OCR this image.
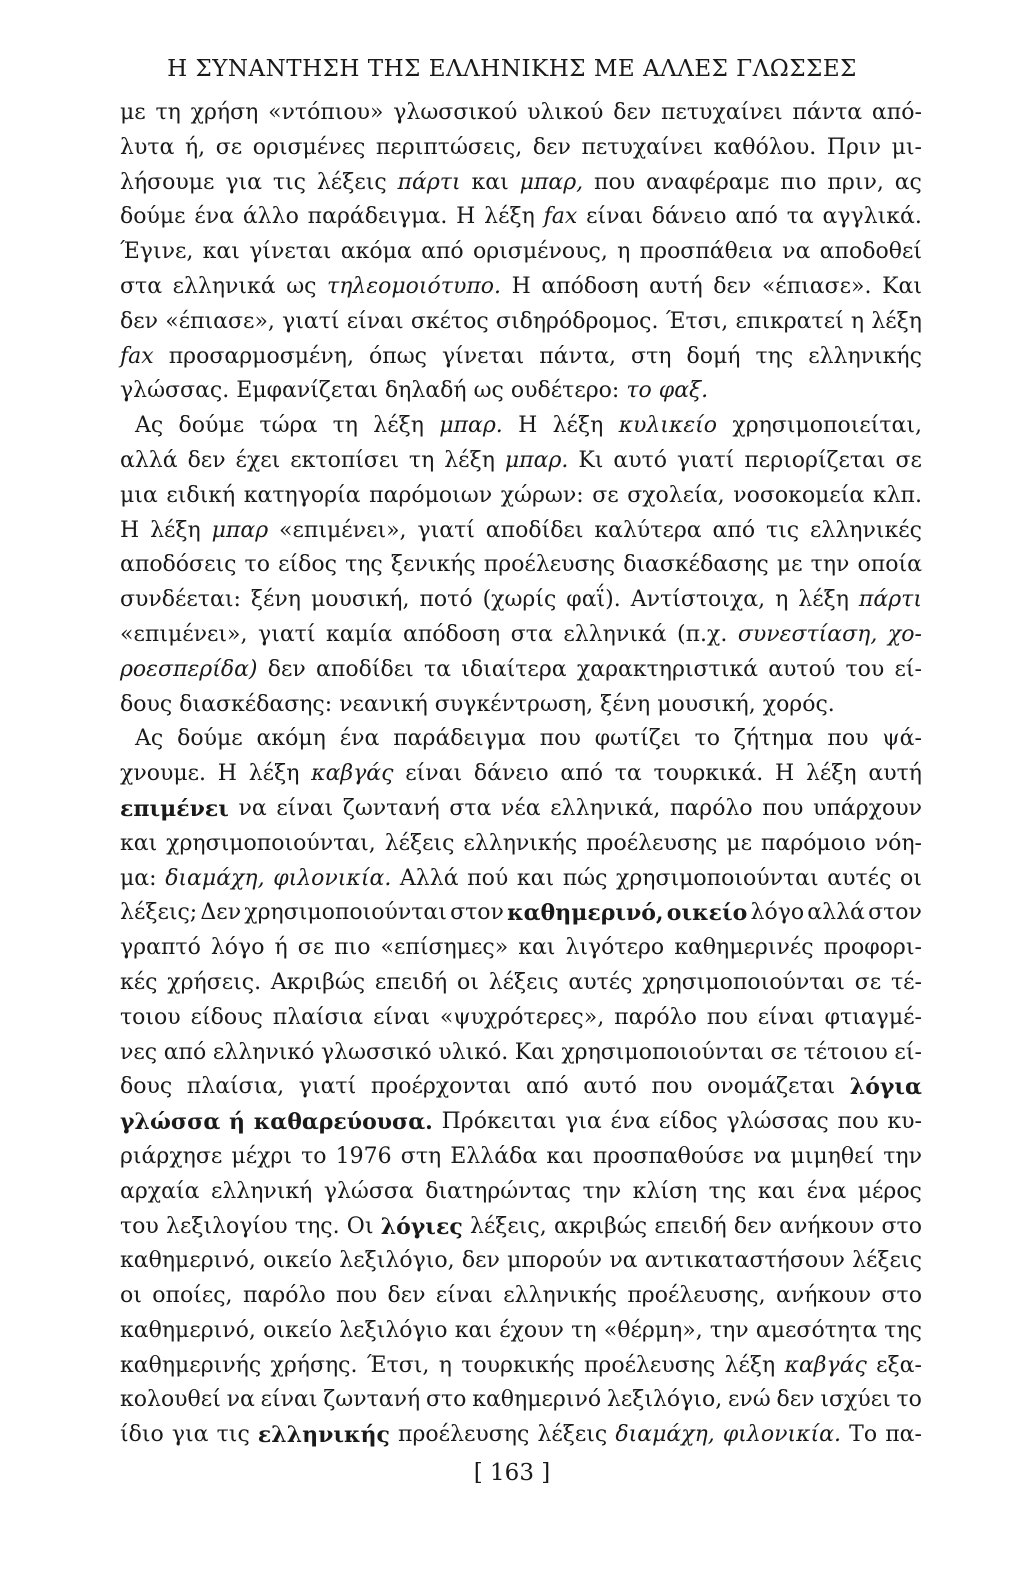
Η ΣΥΝΑΝΤΗΣΗ ΤΗΣ ΕΛΛΗΝΙΚΗΣ ΜΕ ΑΛΛΕΣ ΓΛΩΣΣΕΣ
με τη χρήση «ντόπιου» γλωσσικού υλικού δεν πετυχαίνει πάντα από-
λυτα ή, σε ορισμένες περιπτώσεις, δεν πετυχαίνει καθόλου. Πριν μι-
λήσουμε για τις λέξεις πάρτι και μπαρ, που αναφέραμε πιο πριν, ας
δούμε ένα άλλο παράδειγμα. Η λέξη fax είναι δάνειο από τα αγγλικά.
Έγινε, και γίνεται ακόμα από ορισμένους, η προσπάθεια να αποδοθεί
στα ελληνικά ως τηλεομοιότυπο. Η απόδοση αυτή δεν «έπιασε». Και
δεν «έπιασε», γιατί είναι σκέτος σιδηρόδρομος. Έτσι, επικρατεί η λέξη
fax προσαρμοσμένη, όπως γίνεται πάντα, στη δομή της ελληνικής
γλώσσας. Εμφανίζεται δηλαδή ως ουδέτερο: το φαξ.
Ας δούμε τώρα τη λέξη μπαρ. Η λέξη κυλικείο χρησιμοποιείται,
αλλά δεν έχει εκτοπίσει τη λέξη μπαρ. Κι αυτό γιατί περιορίζεται σε
μια ειδική κατηγορία παρόμοιων χώρων: σε σχολεία, νοσοκομεία κλπ.
Η λέξη μπαρ «επιμένει», γιατί αποδίδει καλύτερα από τις ελληνικές
αποδόσεις το είδος της ξενικής προέλευσης διασκέδασης με την οποία
συνδέεται: ξένη μουσική, ποτό (χωρίς φαΐ). Αντίστοιχα, η λέξη πάρτι
«επιμένει», γιατί καμία απόδοση στα ελληνικά (π.χ. συνεστίαση, χο-
ροεσπερίδα) δεν αποδίδει τα ιδιαίτερα χαρακτηριστικά αυτού του εί-
δους διασκέδασης: νεανική συγκέντρωση, ξένη μουσική, χορός.
Ας δούμε ακόμη ένα παράδειγμα που φωτίζει το ζήτημα που ψά-
χνουμε. Η λέξη καβγάς είναι δάνειο από τα τουρκικά. Η λέξη αυτή
επιμένει να είναι ζωντανή στα νέα ελληνικά, παρόλο που υπάρχουν
και χρησιμοποιούνται, λέξεις ελληνικής προέλευσης με παρόμοιο νόη-
μα: διαμάχη, φιλονικία. Αλλά πού και πώς χρησιμοποιούνται αυτές οι
λέξεις; Δεν χρησιμοποιούνται στον καθημερινό, οικείο λόγο αλλά στον
γραπτό λόγο ή σε πιο «επίσημες» και λιγότερο καθημερινές προφορι-
κές χρήσεις. Ακριβώς επειδή οι λέξεις αυτές χρησιμοποιούνται σε τέ-
τοιου είδους πλαίσια είναι «ψυχρότερες», παρόλο που είναι φτιαγμέ-
νες από ελληνικό γλωσσικό υλικό. Και χρησιμοποιούνται σε τέτοιου εί-
δους πλαίσια, γιατί προέρχονται από αυτό που ονομάζεται λόγια
γλώσσα ή καθαρεύουσα. Πρόκειται για ένα είδος γλώσσας που κυ-
ριάρχησε μέχρι το 1976 στη Ελλάδα και προσπαθούσε να μιμηθεί την
αρχαία ελληνική γλώσσα διατηρώντας την κλίση της και ένα μέρος
του λεξιλογίου της. Οι λόγιες λέξεις, ακριβώς επειδή δεν ανήκουν στο
καθημερινό, οικείο λεξιλόγιο, δεν μπορούν να αντικαταστήσουν λέξεις
οι οποίες, παρόλο που δεν είναι ελληνικής προέλευσης, ανήκουν στο
καθημερινό, οικείο λεξιλόγιο και έχουν τη «θέρμη», την αμεσότητα της
καθημερινής χρήσης. Έτσι, η τουρκικής προέλευσης λέξη καβγάς εξα-
κολουθεί να είναι ζωντανή στο καθημερινό λεξιλόγιο, ενώ δεν ισχύει το
ίδιο για τις ελληνικής προέλευσης λέξεις διαμάχη, φιλονικία. Το πα-
[ 163 ]
